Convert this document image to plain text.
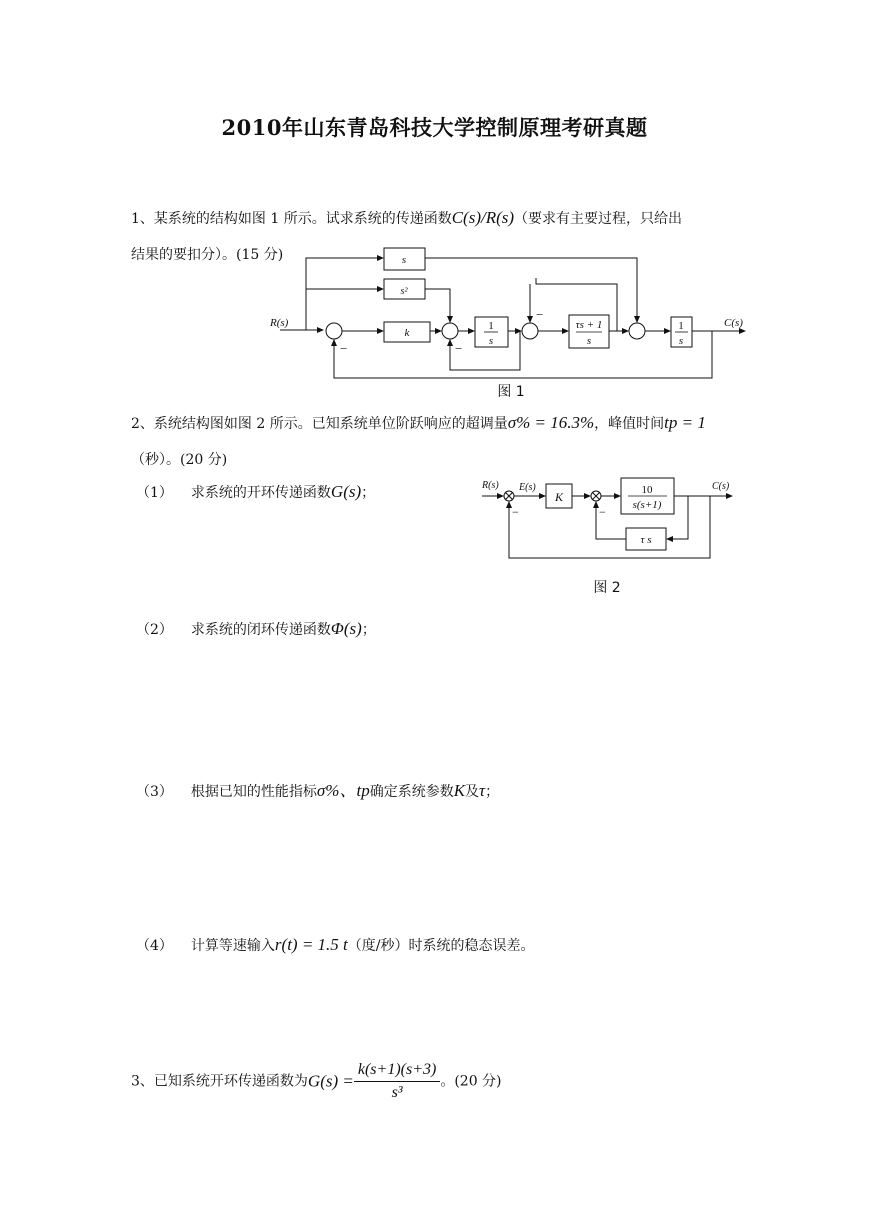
2010年山东青岛科技大学控制原理考研真题
1、某系统的结构如图 1 所示。试求系统的传递函数C(s)/R(s)（要求有主要过程，只给出
结果的要扣分）。(15 分)
R(s)	C(s)
s
s²
k
1
s
τs + 1
s
1
s
−	−
−
图 1
2、系统结构图如图 2 所示。已知系统单位阶跃响应的超调量σ% = 16.3%，峰值时间tp = 1
（秒）。(20 分)
（1） 求系统的开环传递函数G(s)；	R(s) E(s)	C(s)
K	10
s(s+1)
τ s
−	−
图 2
（2） 求系统的闭环传递函数Φ(s)；
（3） 根据已知的性能指标σ%、tp确定系统参数K及τ；
（4） 计算等速输入r(t) = 1.5 t（度/秒）时系统的稳态误差。
3、已知系统开环传递函数为$G(s) = \frac{k(s+1)(s+3)}{\text{s³}}$ 。(20 分)
